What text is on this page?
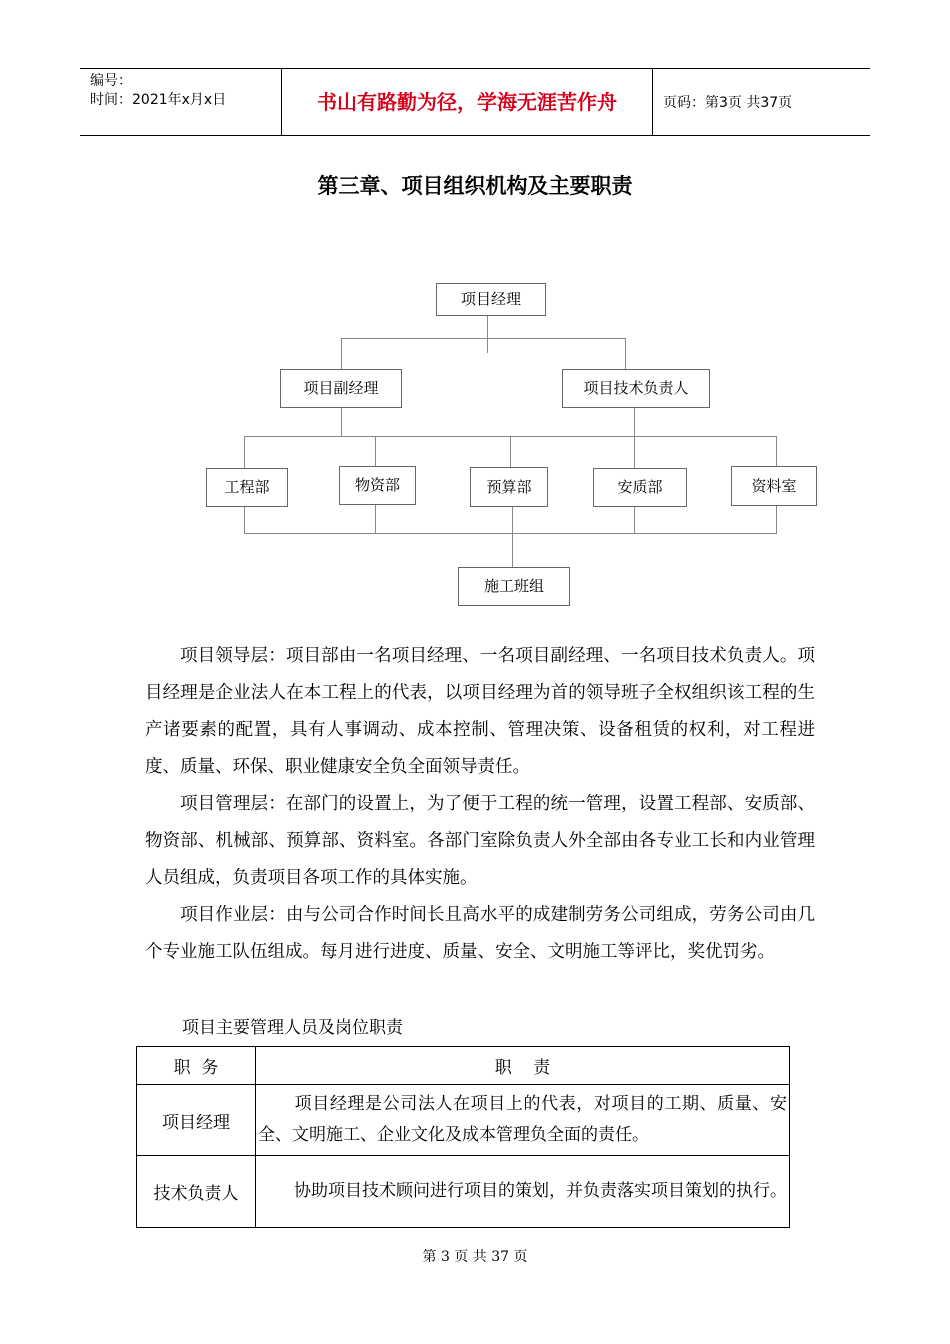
编号：
时间：2021年x月x日	书山有路勤为径，学海无涯苦作舟	页码：第3页 共37页
第三章、项目组织机构及主要职责
项目经理
项目副经理	项目技术负责人
工程部	物资部	预算部	安质部	资料室
施工班组

项目领导层：项目部由一名项目经理、一名项目副经理、一名项目技术负责人。项目经理是企业法人在本工程上的代表，以项目经理为首的领导班子全权组织该工程的生产诸要素的配置，具有人事调动、成本控制、管理决策、设备租赁的权利，对工程进度、质量、环保、职业健康安全负全面领导责任。

项目管理层：在部门的设置上，为了便于工程的统一管理，设置工程部、安质部、物资部、机械部、预算部、资料室。各部门室除负责人外全部由各专业工长和内业管理人员组成，负责项目各项工作的具体实施。

项目作业层：由与公司合作时间长且高水平的成建制劳务公司组成，劳务公司由几个专业施工队伍组成。每月进行进度、质量、安全、文明施工等评比，奖优罚劣。

项目主要管理人员及岗位职责
职  务	职    责
项目经理	项目经理是公司法人在项目上的代表，对项目的工期、质量、安全、文明施工、企业文化及成本管理负全面的责任。
技术负责人	协助项目技术顾问进行项目的策划，并负责落实项目策划的执行。
第 3 页 共 37 页
